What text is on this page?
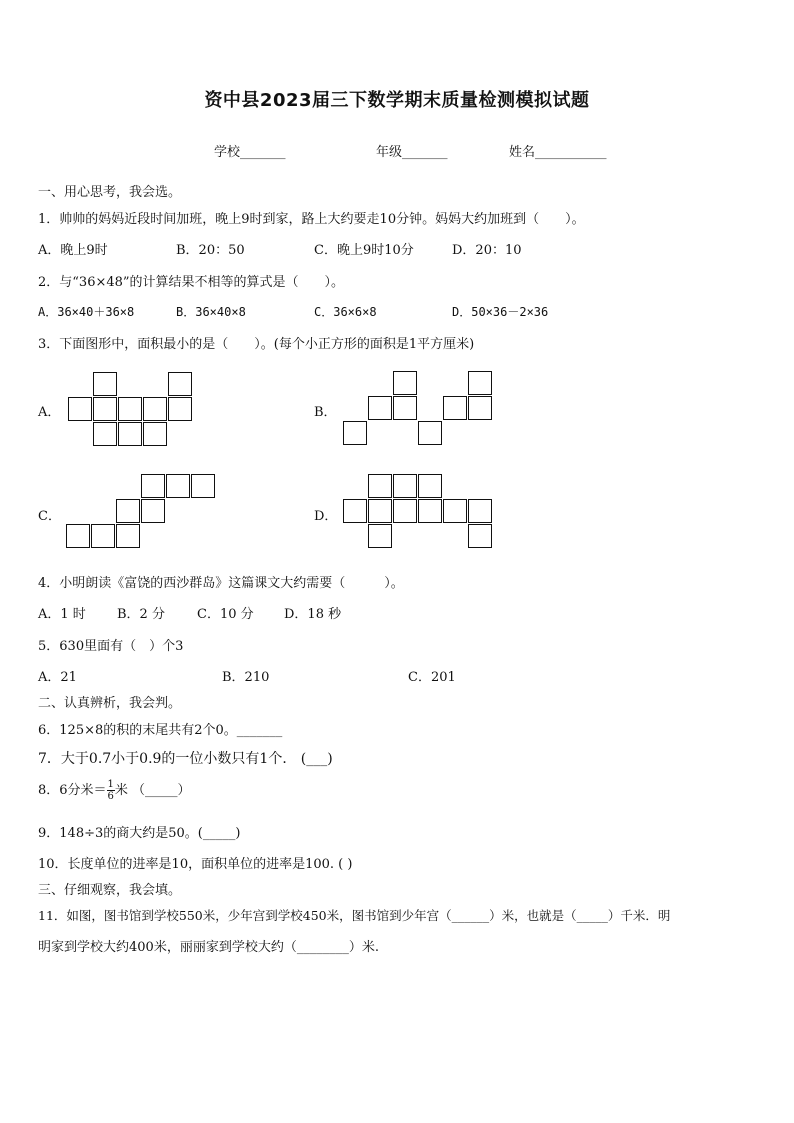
资中县2023届三下数学期末质量检测模拟试题
学校_______	年级_______	姓名___________
一、用心思考，我会选。
1．帅帅的妈妈近段时间加班，晚上9时到家，路上大约要走10分钟。妈妈大约加班到（　　）。
A．晚上9时	B．20：50	C．晚上9时10分	D．20：10
2．与“36×48”的计算结果不相等的算式是（　　）。
A．36×40＋36×8	B．36×40×8	C．36×6×8	D．50×36－2×36
3．下面图形中，面积最小的是（　　）。(每个小正方形的面积是1平方厘米)
A．	B．
C．	D．
4．小明朗读《富饶的西沙群岛》这篇课文大约需要（　　　）。
A．1 时 B．2 分 C．10 分 D．18 秒
5．630里面有（　）个3
A．21	B．210	C．201
二、认真辨析，我会判。
6．125×8的积的末尾共有2个0。_______
7．大于0.7小于0.9的一位小数只有1个． (___)
8．6分米＝ $\frac{1}{6}$ 米 （_____）
9．148÷3的商大约是50。(_____)
10．长度单位的进率是10，面积单位的进率是100. ( )
三、仔细观察，我会填。
11．如图，图书馆到学校550米，少年宫到学校450米，图书馆到少年宫（______）米，也就是（_____）千米．明
明家到学校大约400米，丽丽家到学校大约（________）米.
